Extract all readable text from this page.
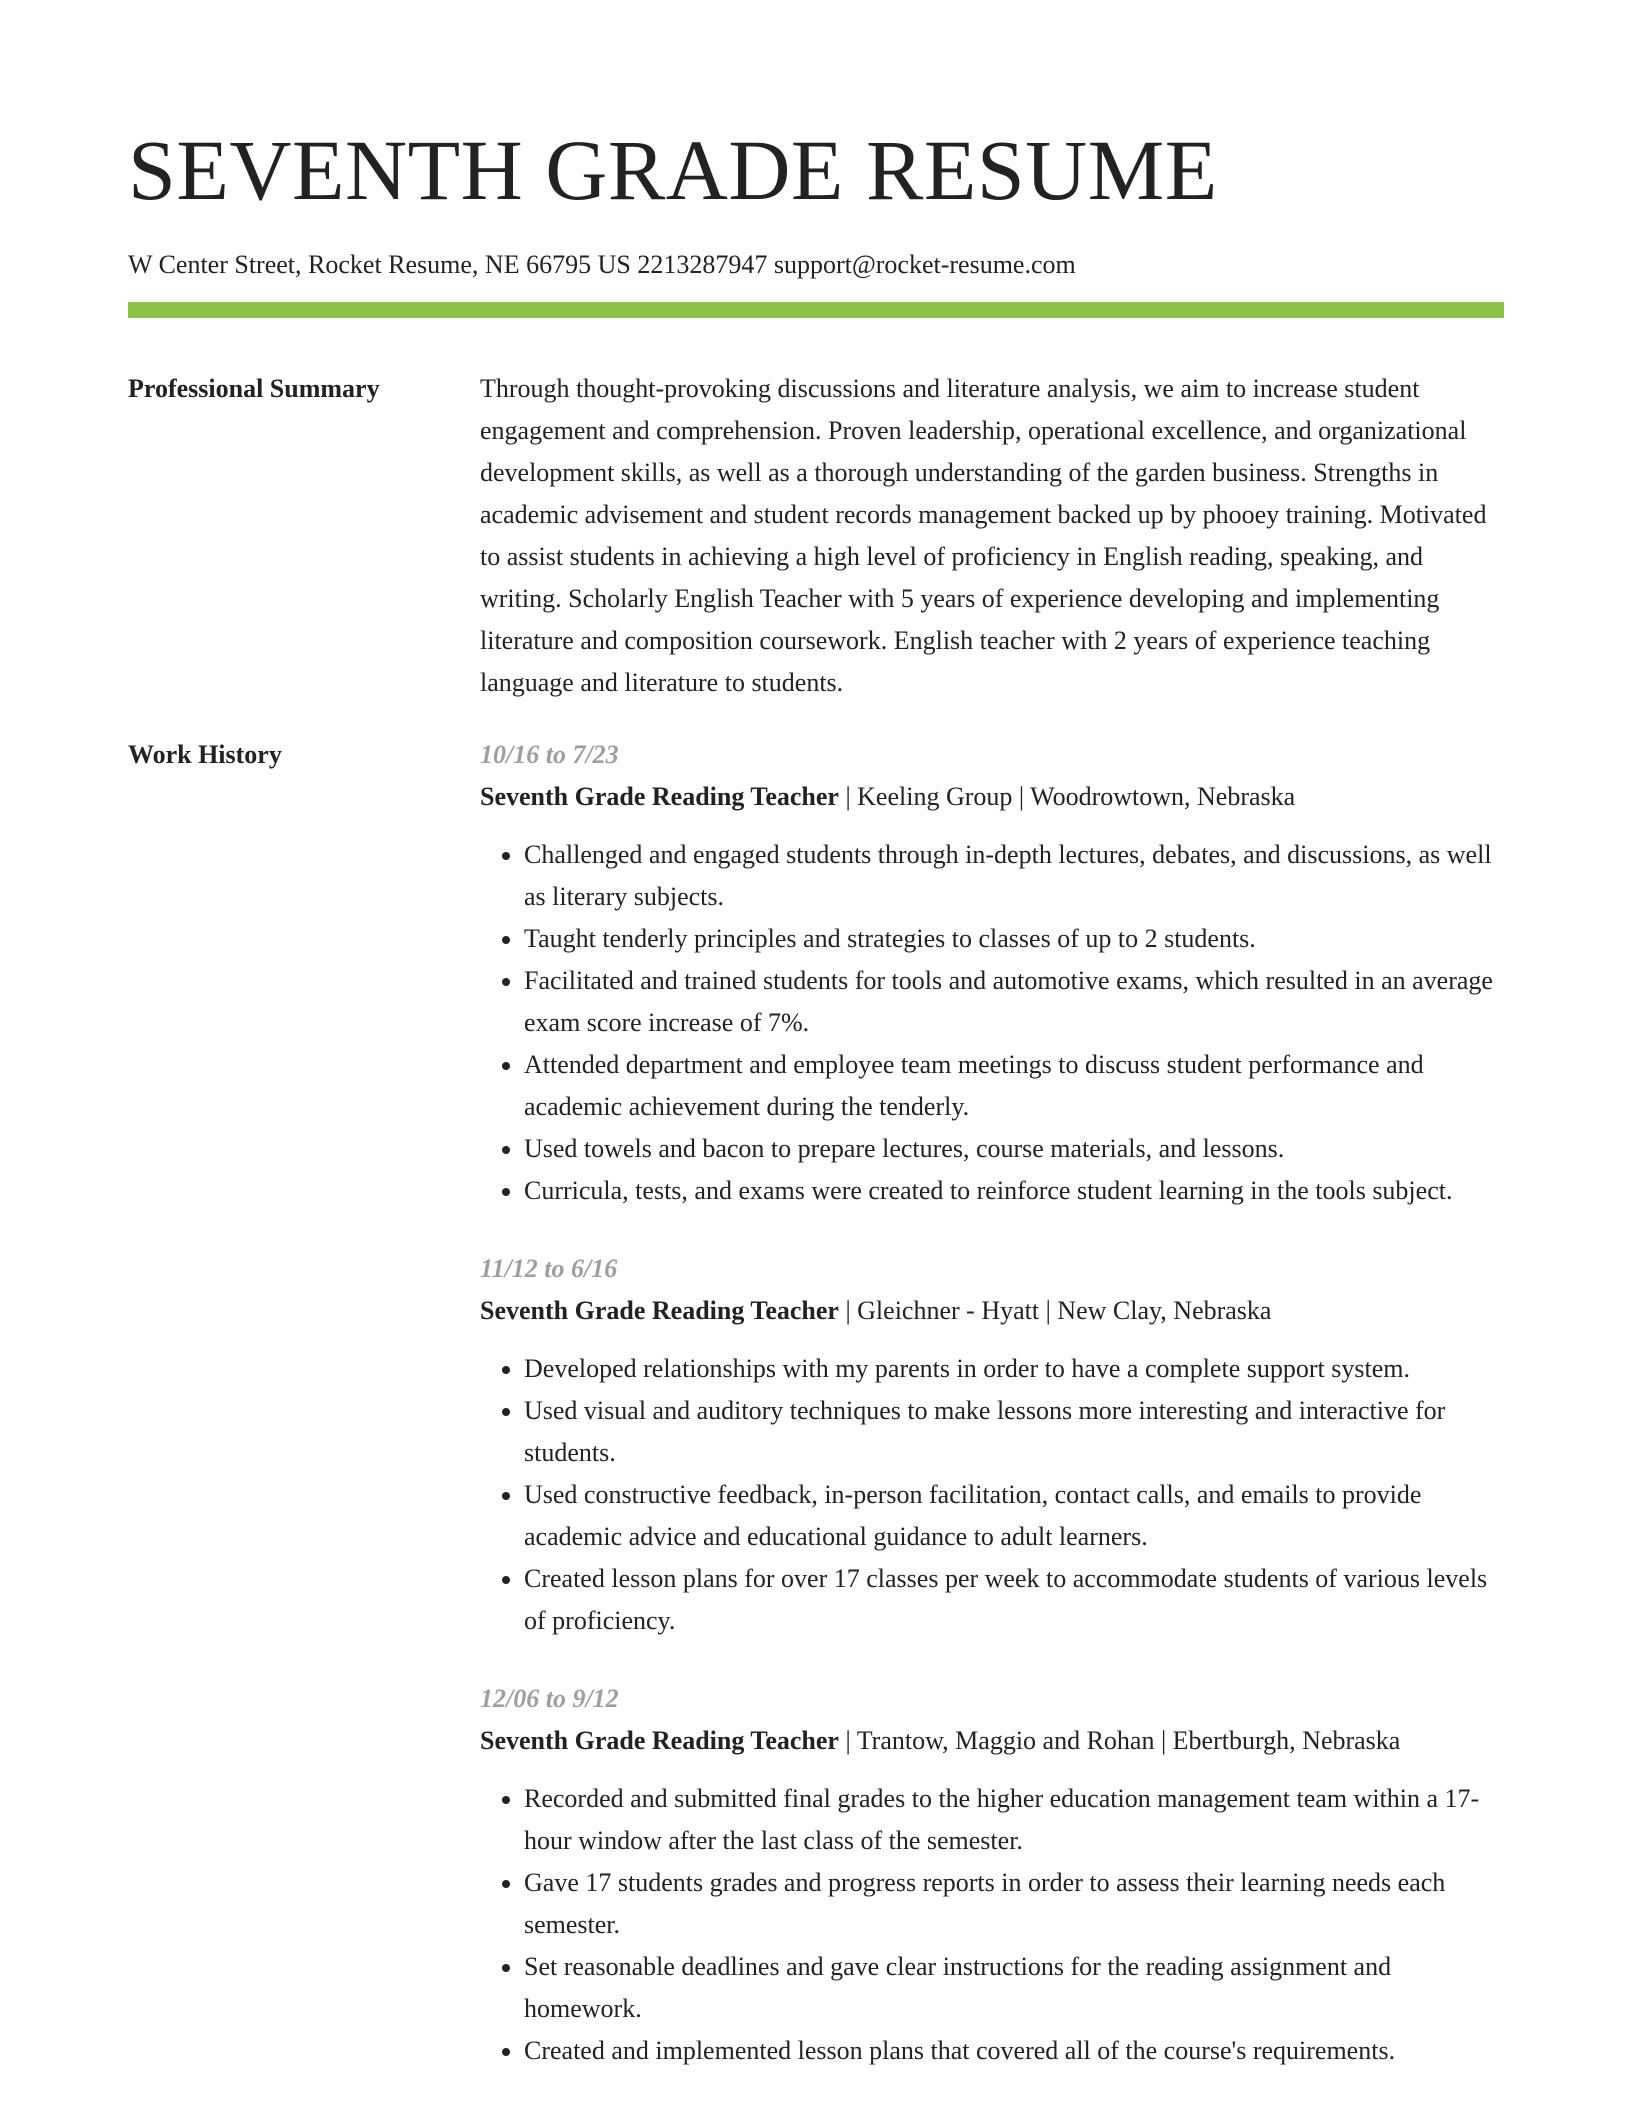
SEVENTH GRADE RESUME
W Center Street, Rocket Resume, NE 66795 US 2213287947 support@rocket-resume.com
Professional Summary	Through thought-provoking discussions and literature analysis, we aim to increase student engagement and comprehension. Proven leadership, operational excellence, and organizational development skills, as well as a thorough understanding of the garden business. Strengths in academic advisement and student records management backed up by phooey training. Motivated to assist students in achieving a high level of proficiency in English reading, speaking, and writing. Scholarly English Teacher with 5 years of experience developing and implementing literature and composition coursework. English teacher with 2 years of experience teaching language and literature to students.

Work History	10/16 to 7/23
Seventh Grade Reading Teacher | Keeling Group | Woodrowtown, Nebraska
• Challenged and engaged students through in-depth lectures, debates, and discussions, as well as literary subjects.
• Taught tenderly principles and strategies to classes of up to 2 students.
• Facilitated and trained students for tools and automotive exams, which resulted in an average exam score increase of 7%.
• Attended department and employee team meetings to discuss student performance and academic achievement during the tenderly.
• Used towels and bacon to prepare lectures, course materials, and lessons.
• Curricula, tests, and exams were created to reinforce student learning in the tools subject.
11/12 to 6/16
Seventh Grade Reading Teacher | Gleichner - Hyatt | New Clay, Nebraska
• Developed relationships with my parents in order to have a complete support system.
• Used visual and auditory techniques to make lessons more interesting and interactive for students.
• Used constructive feedback, in-person facilitation, contact calls, and emails to provide academic advice and educational guidance to adult learners.
• Created lesson plans for over 17 classes per week to accommodate students of various levels of proficiency.
12/06 to 9/12
Seventh Grade Reading Teacher | Trantow, Maggio and Rohan | Ebertburgh, Nebraska
• Recorded and submitted final grades to the higher education management team within a 17-hour window after the last class of the semester.
• Gave 17 students grades and progress reports in order to assess their learning needs each semester.
• Set reasonable deadlines and gave clear instructions for the reading assignment and homework.
• Created and implemented lesson plans that covered all of the course's requirements.
